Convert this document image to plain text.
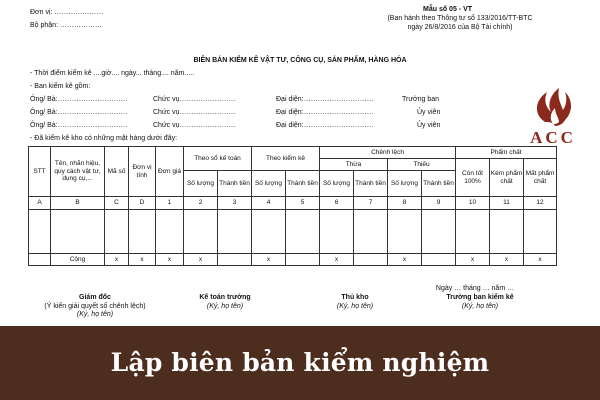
Đơn vị: …………………
Bộ phận: ………………
Mẫu số 05 - VT
(Ban hành theo Thông tư số 133/2016/TT-BTC
ngày 26/8/2016 của Bộ Tài chính)
BIÊN BẢN KIỂM KÊ VẬT TƯ, CÔNG CỤ, SẢN PHẨM, HÀNG HÓA
- Thời điểm kiểm kê ....giờ.... ngày... tháng.... năm.....
- Ban kiểm kê gồm:
Ông/ Bà:…………………………	Chức vụ……………………	Đại diện:…………………………	Trưởng ban
Ông/ Bà:…………………………	Chức vụ……………………	Đại diện:…………………………	Ủy viên
Ông/ Bà:…………………………	Chức vụ……………………	Đại diện:…………………………	Ủy viên
- Đã kiểm kê kho có những mặt hàng dưới đây:	ACC
STT	Tên, nhãn hiệu, quy cách vật tư, dụng cụ,...	Mã số	Đơn vị tính	Đơn giá	Theo sổ kế toán		Theo kiểm kê		Chênh lệch				Phẩm chất		
									Thừa		Thiếu		Còn tốt 100%	Kém phẩm chất	Mất phẩm chất
					Số lượng	Thành tiền	Số lượng	Thành tiền	Số lượng	Thành tiền	Số lượng	Thành tiền			
A	B	C	D	1	2	3	4	5	6	7	8	9	10	11	12

	Cộng	x	x	x	x		x		x		x		x	x	x
Ngày … tháng … năm …
Giám đốc
(Ý kiến giải quyết số chênh lệch)
(Ký, họ tên)
Kế toán trưởng
(Ký, họ tên)
Thủ kho
(Ký, họ tên)
Trưởng ban kiểm kê
(Ký, họ tên)
Lập biên bản kiểm nghiệm
